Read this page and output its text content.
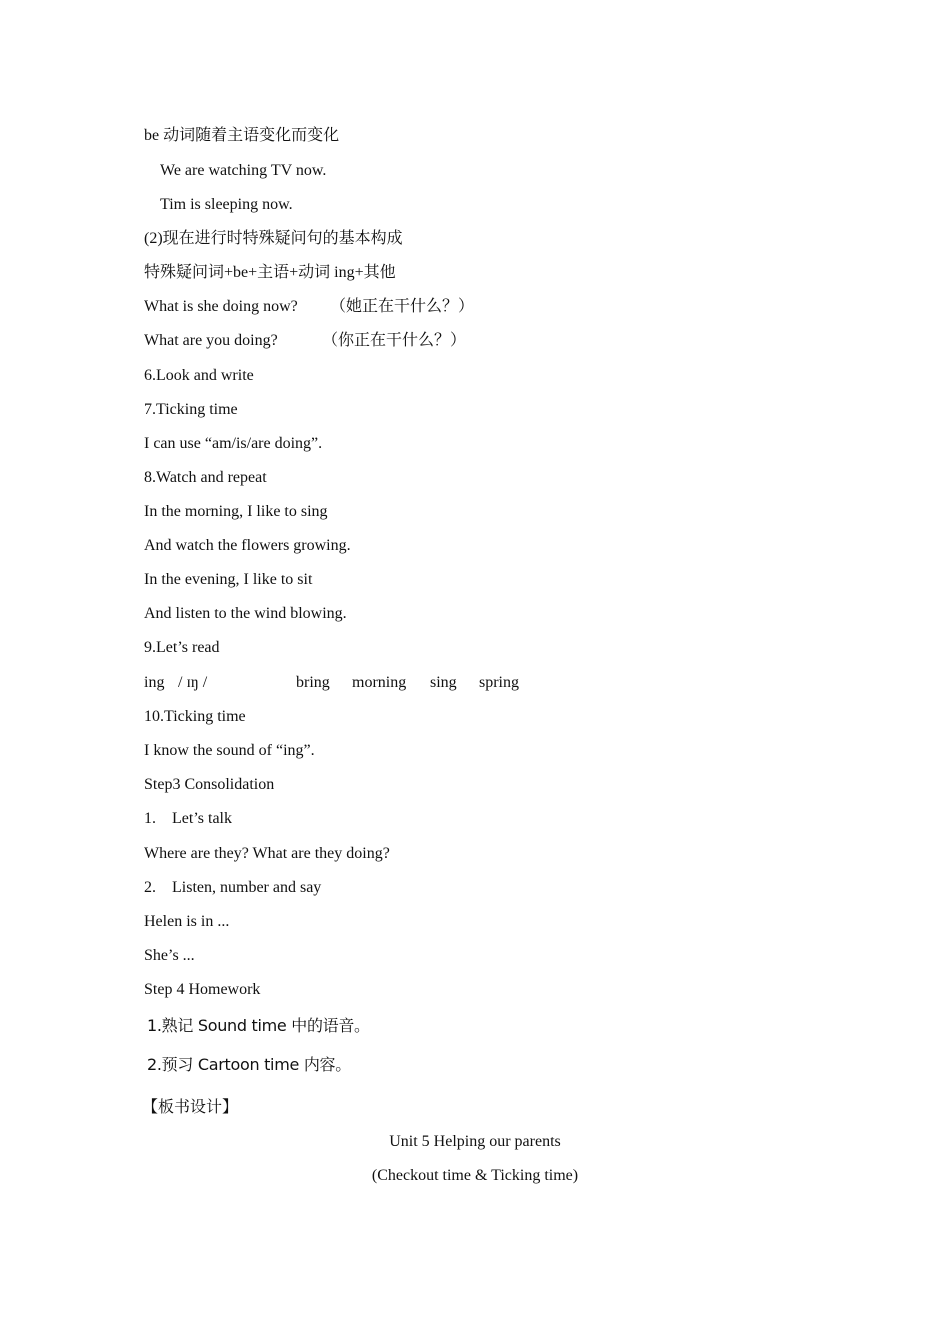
be 动词随着主语变化而变化
We are watching TV now.
Tim is sleeping now.
(2)现在进行时特殊疑问句的基本构成
特殊疑问词+be+主语+动词 ing+其他
What is she doing now? （她正在干什么？）
What are you doing?	（你正在干什么？）
6.Look and write
7.Ticking time
I can use “am/is/are doing”.
8.Watch and repeat
In the morning, I like to sing
And watch the flowers growing.
In the evening, I like to sit
And listen to the wind blowing.
9.Let’s read
ing / ɪŋ /	bring morning sing spring
10.Ticking time
I know the sound of “ing”.
Step3 Consolidation
1.    Let’s talk
Where are they? What are they doing?
2.    Listen, number and say
Helen is in ...
She’s ...
Step 4 Homework
1.熟记 Sound time 中的语音。
2.预习 Cartoon time 内容。
【板书设计】
Unit 5 Helping our parents
(Checkout time & Ticking time)
